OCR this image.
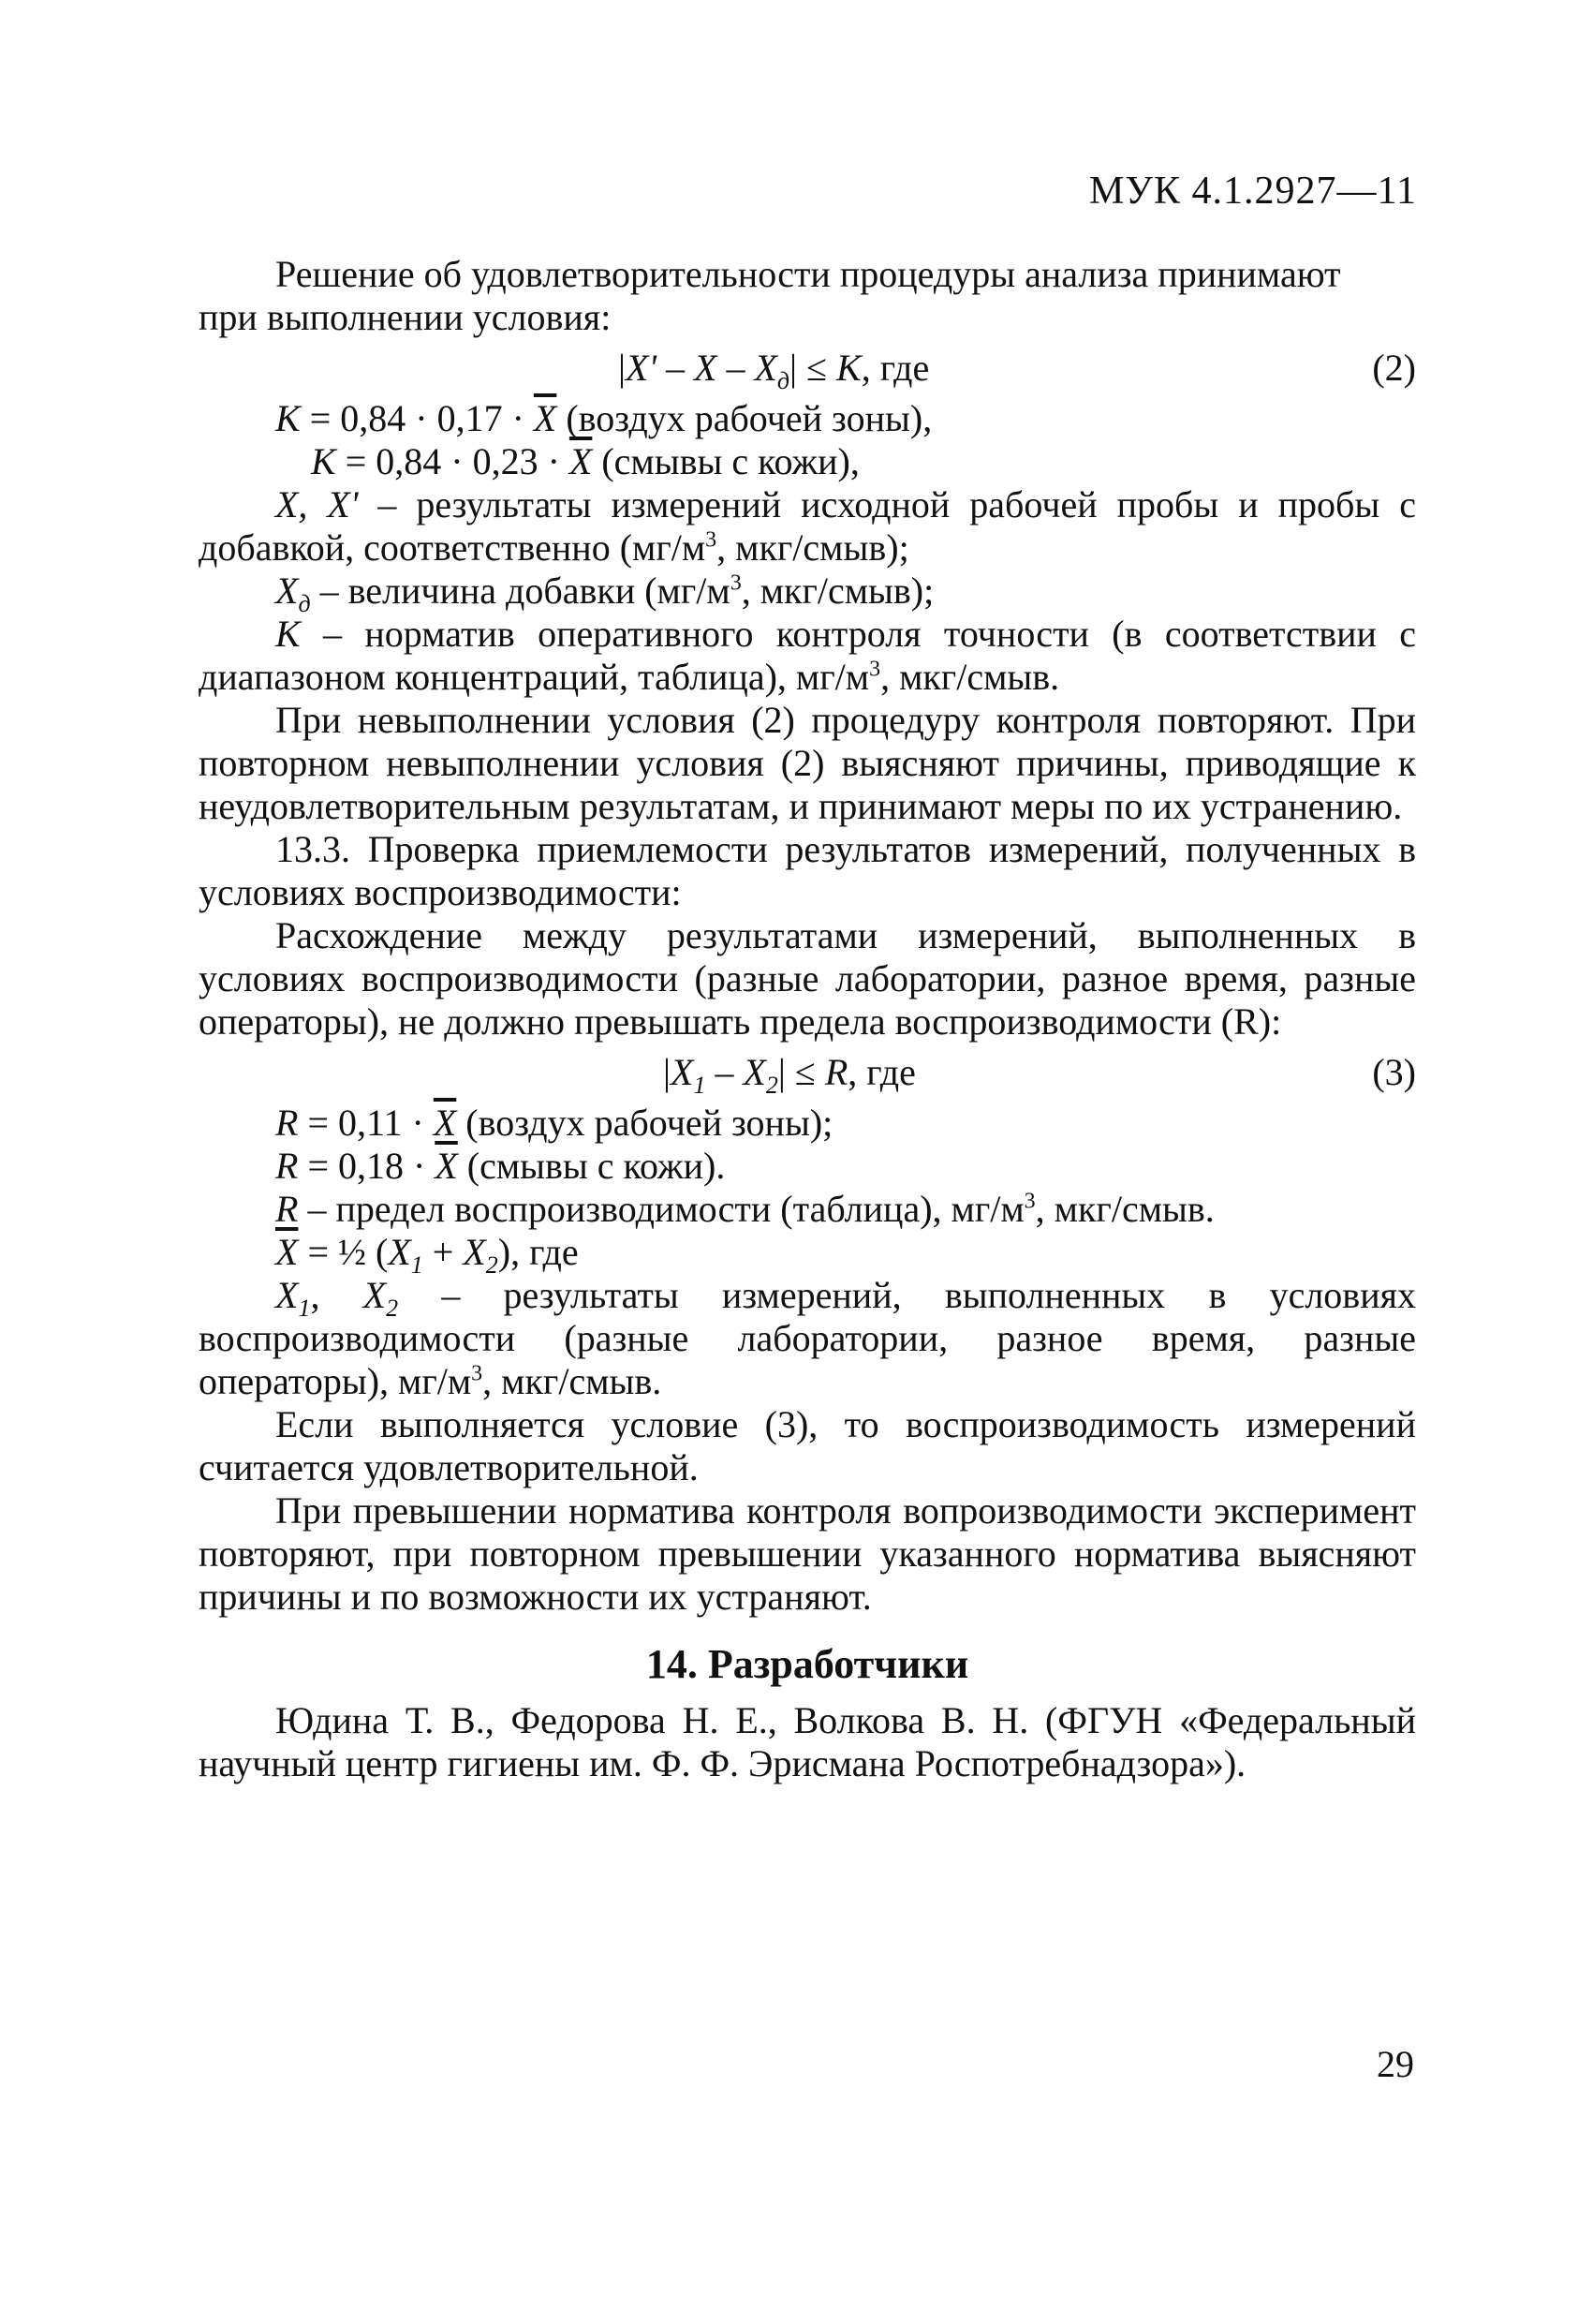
МУК 4.1.2927—11

Решение об удовлетворительности процедуры анализа принимают

при выполнении условия:

$|X' - X - X_д| \le K$, где	(2)

$K = 0,84 \cdot 0,17 \cdot \overline{X}$ (воздух рабочей зоны),

$K = 0,84 \cdot 0,23 \cdot \overline{X}$ (смывы с кожи),

X, X' – результаты измерений исходной рабочей пробы и пробы с добавкой, соответственно ($мг/м^3$, мкг/смыв);

$X_д$ – величина добавки ($мг/м^3$, мкг/смыв);

K – норматив оперативного контроля точности (в соответствии с диапазоном концентраций, таблица), $мг/м^3$, мкг/смыв.

При невыполнении условия (2) процедуру контроля повторяют. При повторном невыполнении условия (2) выясняют причины, приводящие к неудовлетворительным результатам, и принимают меры по их устранению.

13.3. Проверка приемлемости результатов измерений, полученных в условиях воспроизводимости:

Расхождение между результатами измерений, выполненных в условиях воспроизводимости (разные лаборатории, разное время, разные операторы), не должно превышать предела воспроизводимости (R):

$|X_1 - X_2| \le R$, где	(3)

$R = 0,11 \cdot \overline{X}$ (воздух рабочей зоны);

$R = 0,18 \cdot \overline{X}$ (смывы с кожи).

R – предел воспроизводимости (таблица), $мг/м^3$, мкг/смыв.

$\overline{X}$ = ½ $(X_1 + X_2)$, где

$X_1$, $X_2$ – результаты измерений, выполненных в условиях воспроизводимости (разные лаборатории, разное время, разные операторы), $мг/м^3$, мкг/смыв.

Если выполняется условие (3), то воспроизводимость измерений считается удовлетворительной.

При превышении норматива контроля вопроизводимости эксперимент повторяют, при повторном превышении указанного норматива выясняют причины и по возможности их устраняют.

14. Разработчики

Юдина Т. В., Федорова Н. Е., Волкова В. Н. (ФГУН «Федеральный научный центр гигиены им. Ф. Ф. Эрисмана Роспотребнадзора»).

29
